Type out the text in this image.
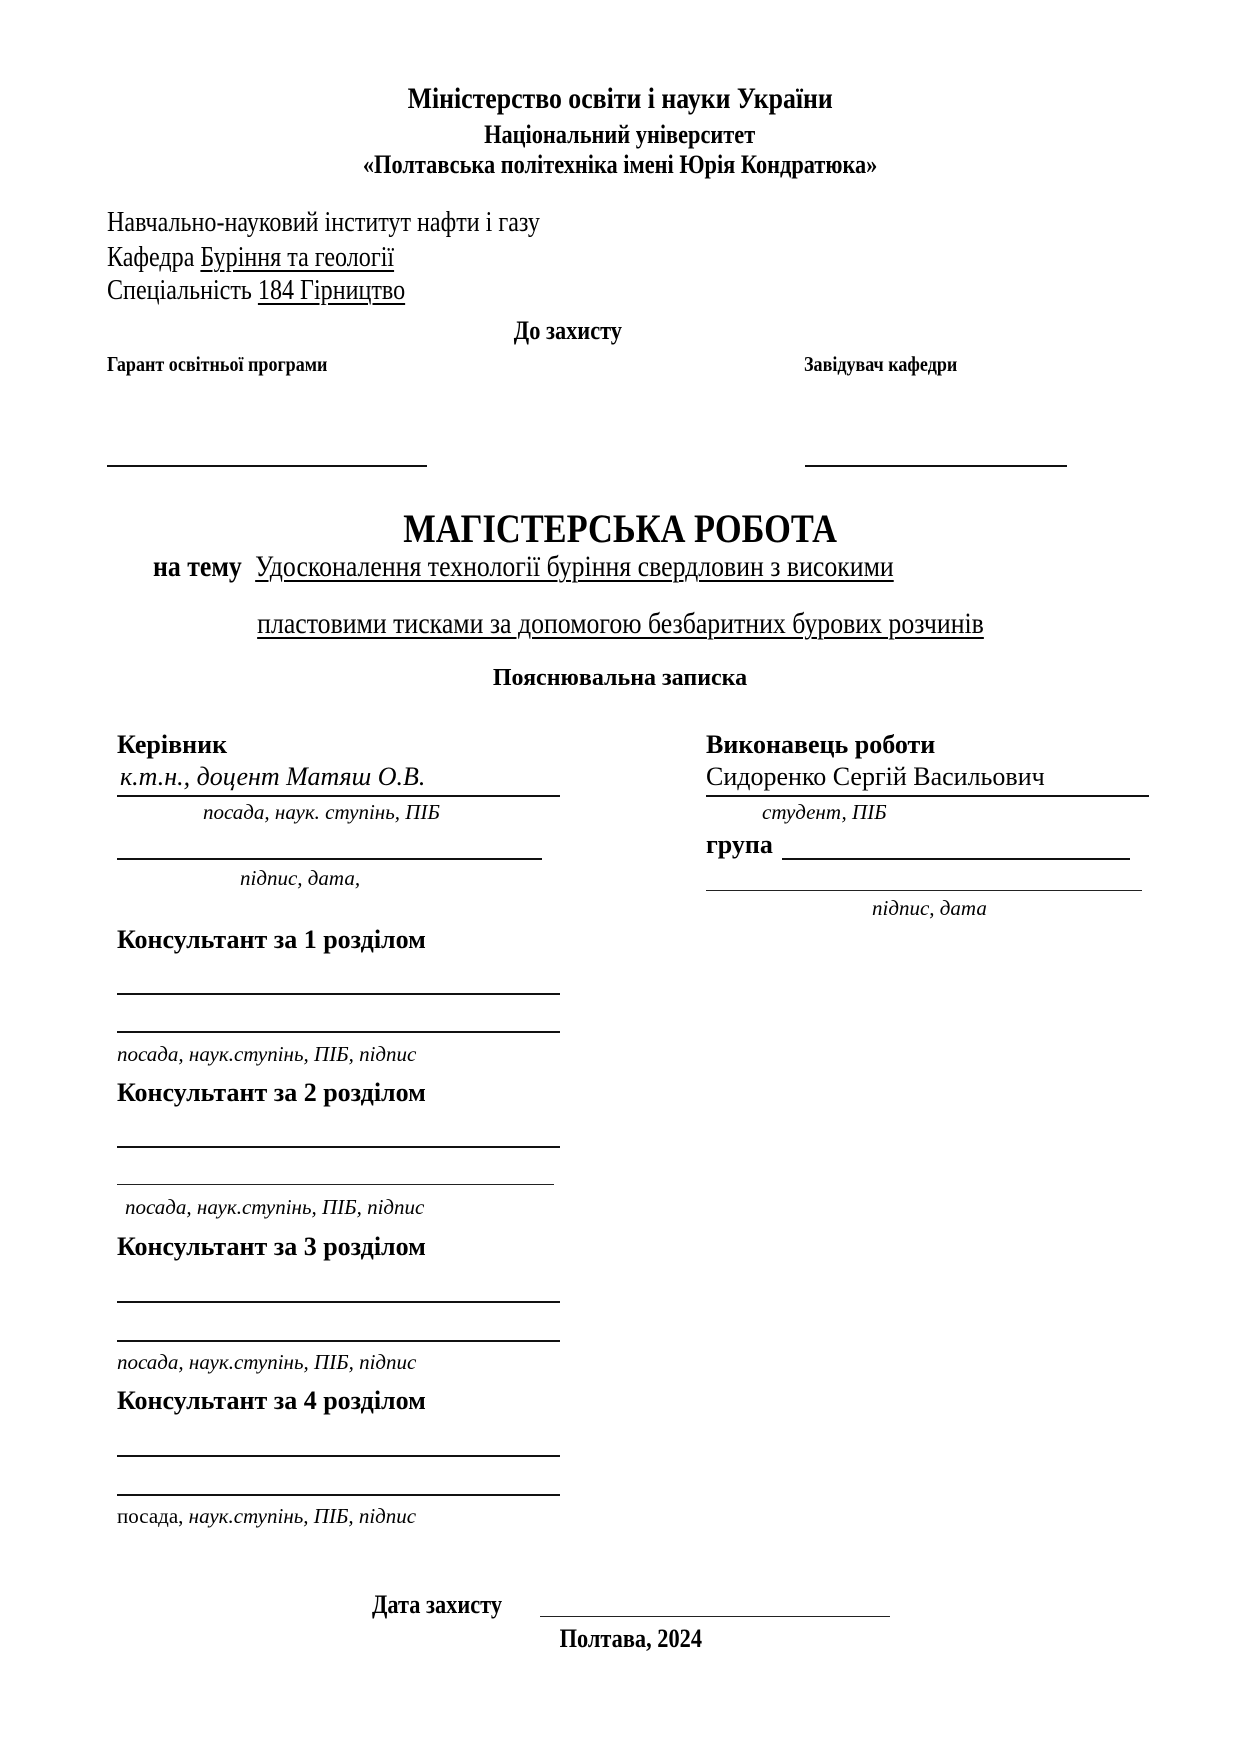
Міністерство освіти і науки України
Національний університет
«Полтавська політехніка імені Юрія Кондратюка»
Навчально-науковий інститут нафти і газу
Кафедра Буріння та геології
Спеціальність 184 Гірництво
До захисту
Гарант освітньої програми	Завідувач кафедри
МАГІСТЕРСЬКА РОБОТА
на тему Удосконалення технології буріння свердловин з високими
пластовими тисками за допомогою безбаритних бурових розчинів
Пояснювальна записка
Керівник
к.т.н., доцент Матяш О.В.
посада, наук. ступінь, ПІБ
підпис, дата,
Виконавець роботи
Сидоренко Сергій Васильович
студент, ПІБ
група
підпис, дата
Консультант за 1 розділом
посада, наук.ступінь, ПІБ, підпис
Консультант за 2 розділом
посада, наук.ступінь, ПІБ, підпис
Консультант за 3 розділом
посада, наук.ступінь, ПІБ, підпис
Консультант за 4 розділом
посада, наук.ступінь, ПІБ, підпис
Дата захисту
Полтава, 2024
